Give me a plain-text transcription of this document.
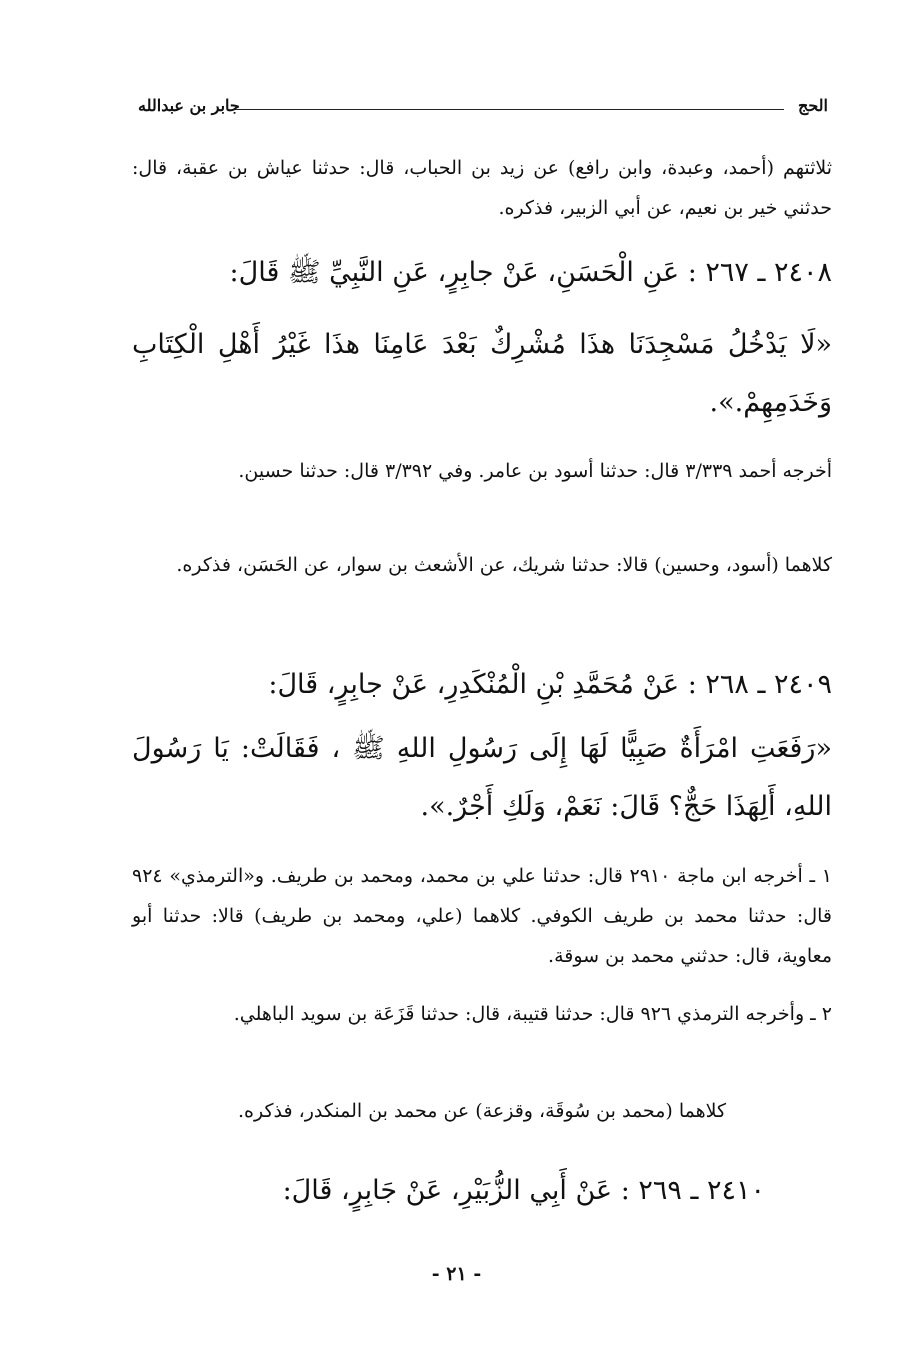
الحج
جابر بن عبدالله

ثلاثتهم (أحمد، وعبدة، وابن رافع) عن زيد بن الحباب، قال: حدثنا عياش بن عقبة، قال: حدثني خير بن نعيم، عن أبي الزبير، فذكره.

٢٤٠٨ ـ ٢٦٧ : عَنِ الْحَسَنِ، عَنْ جابِرٍ، عَنِ النَّبِيِّ ﷺ قَالَ:

«لَا يَدْخُلُ مَسْجِدَنَا هذَا مُشْرِكٌ بَعْدَ عَامِنَا هذَا غَيْرُ أَهْلِ الْكِتَابِ وَخَدَمِهِمْ.».

أخرجه أحمد ٣/٣٣٩ قال: حدثنا أسود بن عامر. وفي ٣/٣٩٢ قال: حدثنا حسين.

كلاهما (أسود، وحسين) قالا: حدثنا شريك، عن الأشعث بن سوار، عن الحَسَن، فذكره.

٢٤٠٩ ـ ٢٦٨ : عَنْ مُحَمَّدِ بْنِ الْمُنْكَدِرِ، عَنْ جابِرٍ، قَالَ:

«رَفَعَتِ امْرَأَةٌ صَبِيًّا لَهَا إِلَى رَسُولِ اللهِ ﷺ ، فَقَالَتْ: يَا رَسُولَ اللهِ، أَلِهَذَا حَجٌّ؟ قَالَ: نَعَمْ، وَلَكِ أَجْرٌ.».

١ ـ أخرجه ابن ماجة ٢٩١٠ قال: حدثنا علي بن محمد، ومحمد بن طريف. و«الترمذي» ٩٢٤ قال: حدثنا محمد بن طريف الكوفي. كلاهما (علي، ومحمد بن طريف) قالا: حدثنا أبو معاوية، قال: حدثني محمد بن سوقة.

٢ ـ وأخرجه الترمذي ٩٢٦ قال: حدثنا قتيبة، قال: حدثنا قَزَعَة بن سويد الباهلي.

كلاهما (محمد بن سُوقَة، وقزعة) عن محمد بن المنكدر، فذكره.

٢٤١٠ ـ ٢٦٩ : عَنْ أَبِي الزُّبَيْرِ، عَنْ جَابِرٍ، قَالَ:

- ٢١ -
